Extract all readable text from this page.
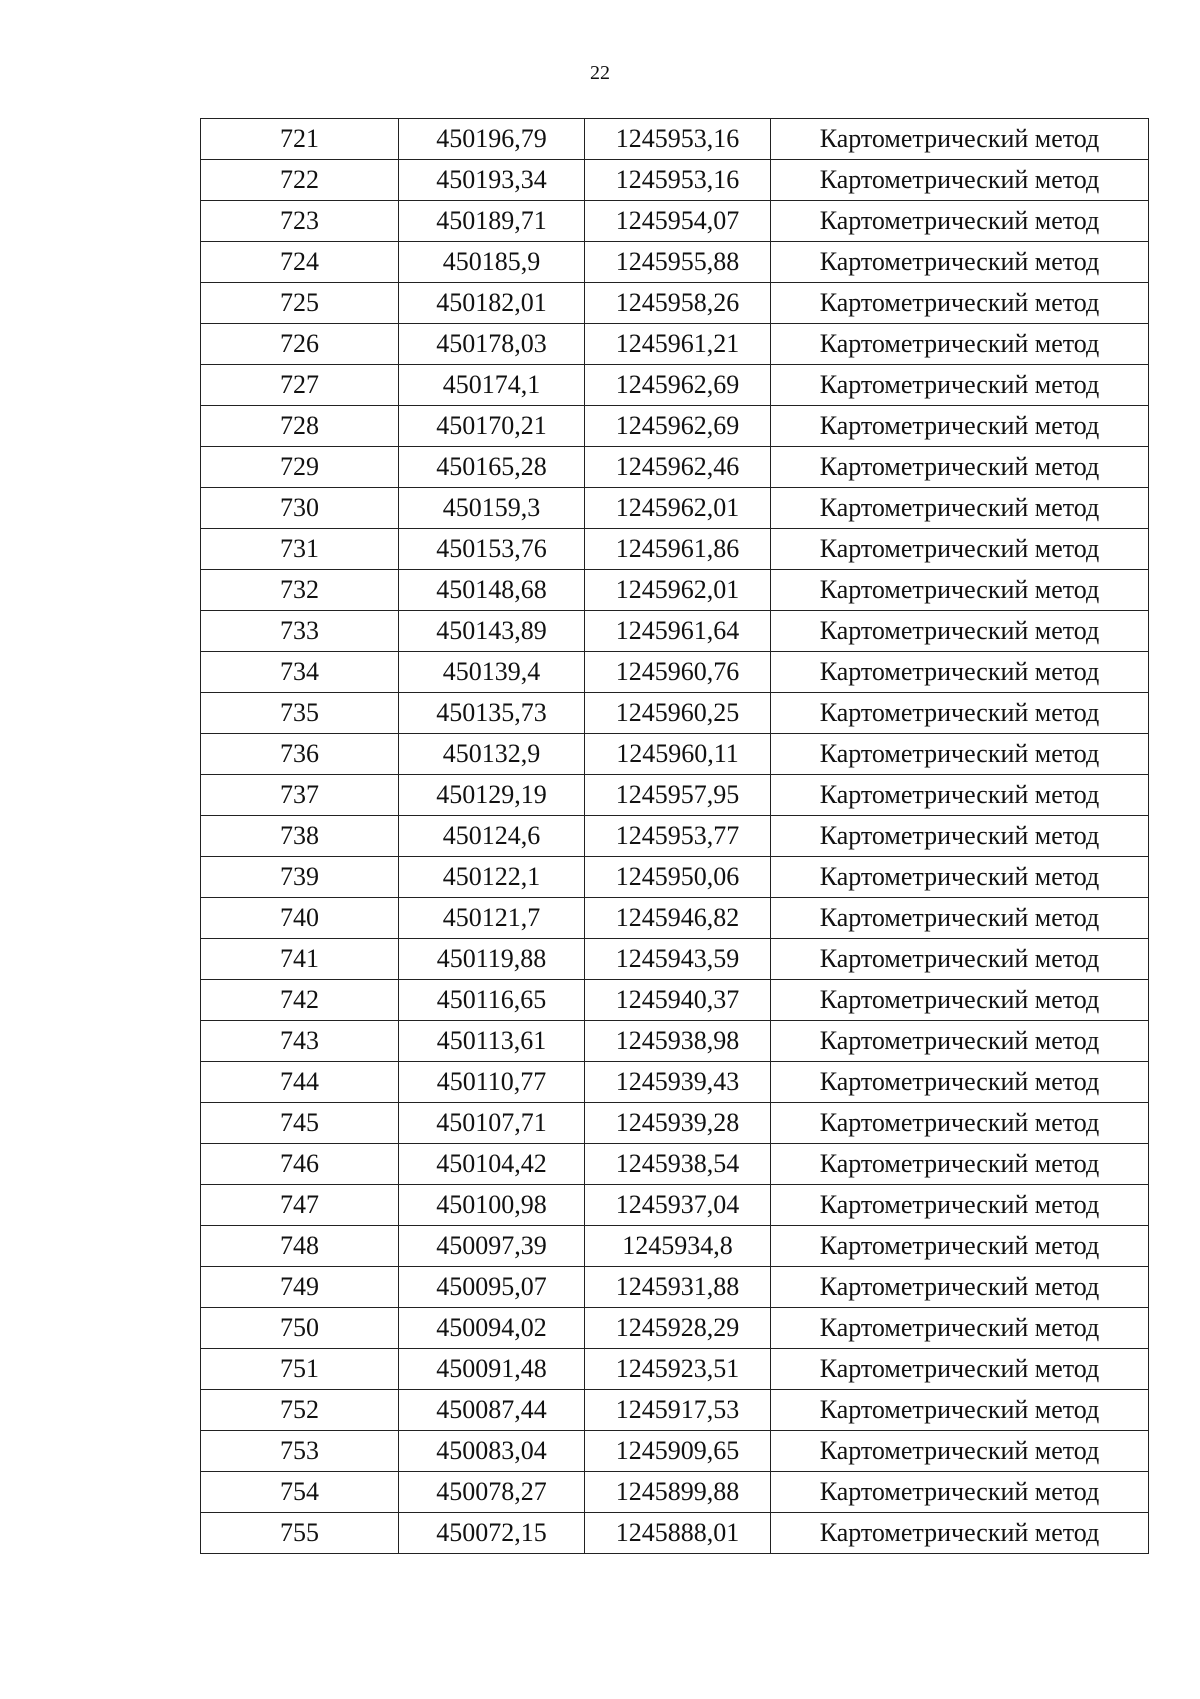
22
721	450196,79	1245953,16	Картометрический метод
722	450193,34	1245953,16	Картометрический метод
723	450189,71	1245954,07	Картометрический метод
724	450185,9	1245955,88	Картометрический метод
725	450182,01	1245958,26	Картометрический метод
726	450178,03	1245961,21	Картометрический метод
727	450174,1	1245962,69	Картометрический метод
728	450170,21	1245962,69	Картометрический метод
729	450165,28	1245962,46	Картометрический метод
730	450159,3	1245962,01	Картометрический метод
731	450153,76	1245961,86	Картометрический метод
732	450148,68	1245962,01	Картометрический метод
733	450143,89	1245961,64	Картометрический метод
734	450139,4	1245960,76	Картометрический метод
735	450135,73	1245960,25	Картометрический метод
736	450132,9	1245960,11	Картометрический метод
737	450129,19	1245957,95	Картометрический метод
738	450124,6	1245953,77	Картометрический метод
739	450122,1	1245950,06	Картометрический метод
740	450121,7	1245946,82	Картометрический метод
741	450119,88	1245943,59	Картометрический метод
742	450116,65	1245940,37	Картометрический метод
743	450113,61	1245938,98	Картометрический метод
744	450110,77	1245939,43	Картометрический метод
745	450107,71	1245939,28	Картометрический метод
746	450104,42	1245938,54	Картометрический метод
747	450100,98	1245937,04	Картометрический метод
748	450097,39	1245934,8	Картометрический метод
749	450095,07	1245931,88	Картометрический метод
750	450094,02	1245928,29	Картометрический метод
751	450091,48	1245923,51	Картометрический метод
752	450087,44	1245917,53	Картометрический метод
753	450083,04	1245909,65	Картометрический метод
754	450078,27	1245899,88	Картометрический метод
755	450072,15	1245888,01	Картометрический метод
